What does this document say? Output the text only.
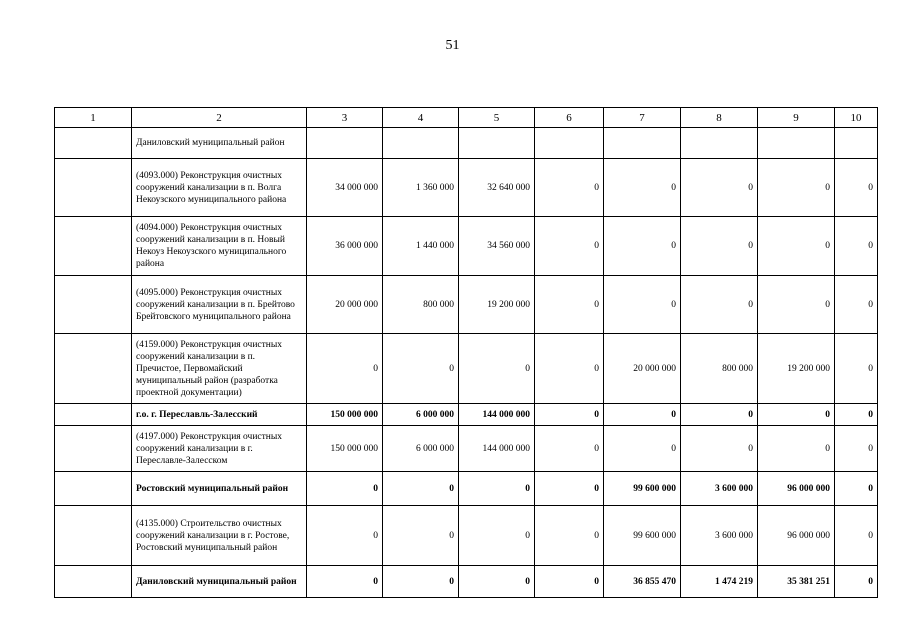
51
1	2	3	4	5	6	7	8	9	10
	Даниловский муниципальный район								
	(4093.000) Реконструкция очистных сооружений канализации в п. Волга Некоузского муниципального района	34 000 000	1 360 000	32 640 000	0	0	0	0	0
	(4094.000) Реконструкция очистных сооружений канализации в п. Новый Некоуз Некоузского муниципального района	36 000 000	1 440 000	34 560 000	0	0	0	0	0
	(4095.000) Реконструкция очистных сооружений канализации в п. Брейтово Брейтовского муниципального района	20 000 000	800 000	19 200 000	0	0	0	0	0
	(4159.000) Реконструкция очистных сооружений канализации в п. Пречистое, Первомайский муниципальный район (разработка проектной документации)	0	0	0	0	20 000 000	800 000	19 200 000	0
	г.о. г. Переславль-Залесский	150 000 000	6 000 000	144 000 000	0	0	0	0	0
	(4197.000) Реконструкция очистных сооружений канализации в г. Переславле-Залесском	150 000 000	6 000 000	144 000 000	0	0	0	0	0
	Ростовский муниципальный район	0	0	0	0	99 600 000	3 600 000	96 000 000	0
	(4135.000) Строительство очистных сооружений канализации в г. Ростове, Ростовский муниципальный район	0	0	0	0	99 600 000	3 600 000	96 000 000	0
	Даниловский муниципальный район	0	0	0	0	36 855 470	1 474 219	35 381 251	0
